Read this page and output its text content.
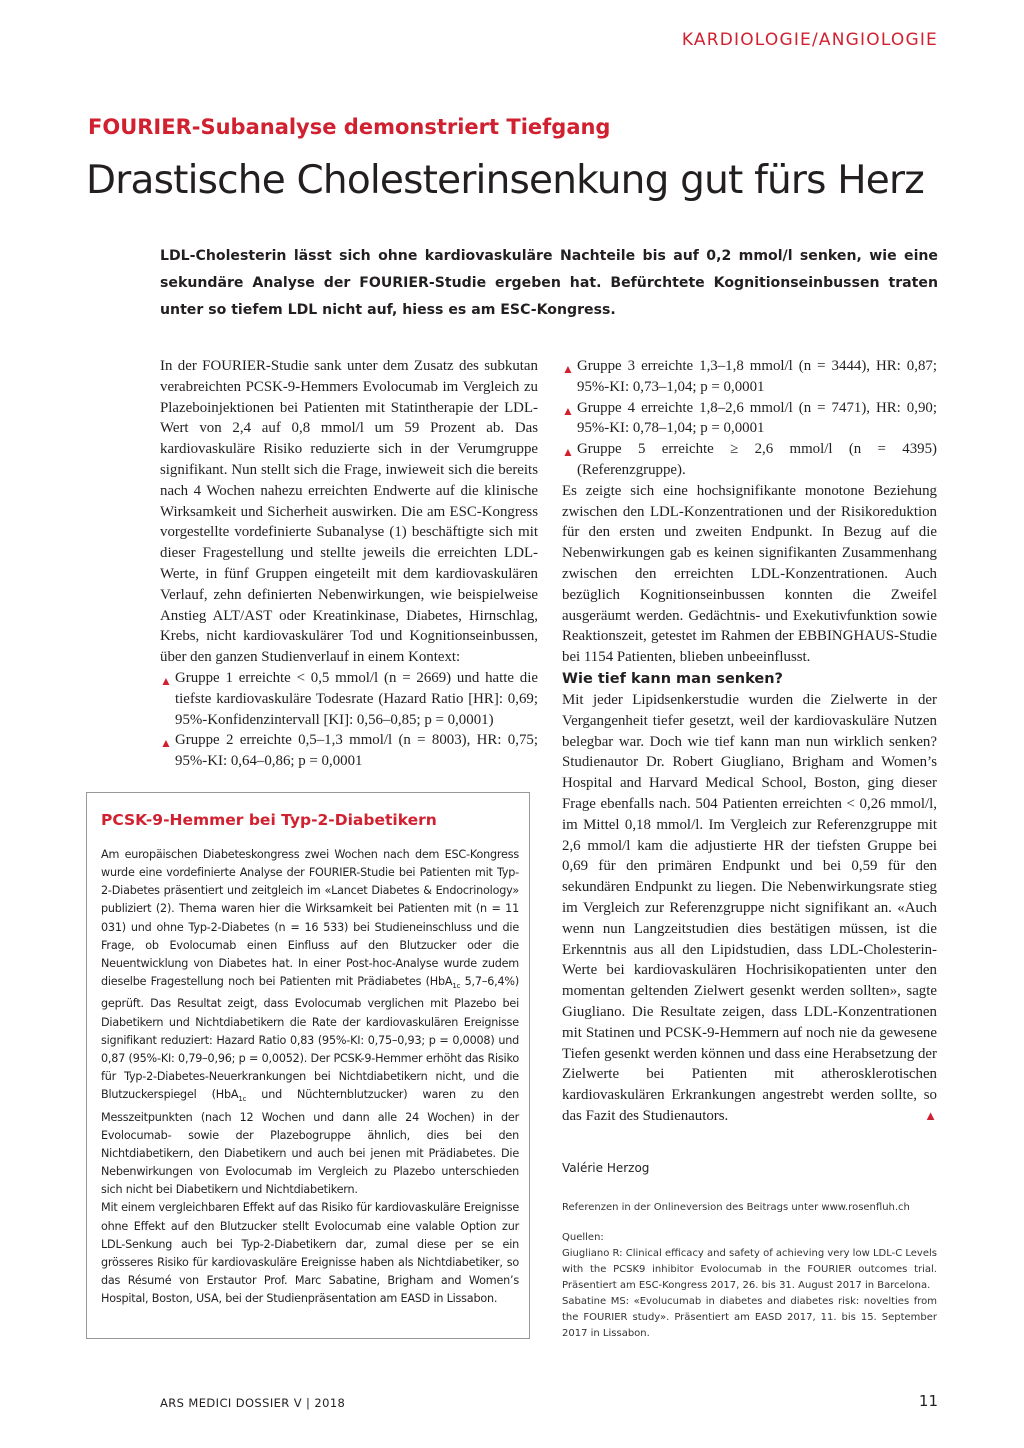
KARDIOLOGIE/ANGIOLOGIE
FOURIER-Subanalyse demonstriert Tiefgang
Drastische Cholesterinsenkung gut fürs Herz

LDL-Cholesterin lässt sich ohne kardiovaskuläre Nachteile bis auf 0,2 mmol/l senken, wie eine sekundäre Analyse der FOURIER-Studie ergeben hat. Befürchtete Kognitionseinbussen traten unter so tiefem LDL nicht auf, hiess es am ESC-Kongress.

In der FOURIER-Studie sank unter dem Zusatz des subkutan verabreichten PCSK-9-Hemmers Evolocumab im Vergleich zu Plazeboinjektionen bei Patienten mit Statintherapie der LDL-Wert von 2,4 auf 0,8 mmol/l um 59 Prozent ab. Das kardiovaskuläre Risiko reduzierte sich in der Verumgruppe signifikant. Nun stellt sich die Frage, inwieweit sich die bereits nach 4 Wochen nahezu erreichten Endwerte auf die klinische Wirksamkeit und Sicherheit auswirken. Die am ESC-Kongress vorgestellte vordefinierte Subanalyse (1) beschäftigte sich mit dieser Fragestellung und stellte jeweils die erreichten LDL-Werte, in fünf Gruppen eingeteilt mit dem kardiovaskulären Verlauf, zehn definierten Nebenwirkungen, wie beispielweise Anstieg ALT/AST oder Kreatinkinase, Diabetes, Hirnschlag, Krebs, nicht kardiovaskulärer Tod und Kognitionseinbussen, über den ganzen Studienverlauf in einem Kontext:

▲ Gruppe 1 erreichte < 0,5 mmol/l (n = 2669) und hatte die tiefste kardiovaskuläre Todesrate (Hazard Ratio [HR]: 0,69; 95%-Konfidenzintervall [KI]: 0,56–0,85; p = 0,0001)
▲ Gruppe 2 erreichte 0,5–1,3 mmol/l (n = 8003), HR: 0,75; 95%-KI: 0,64–0,86; p = 0,0001
▲ Gruppe 3 erreichte 1,3–1,8 mmol/l (n = 3444), HR: 0,87; 95%-KI: 0,73–1,04; p = 0,0001
▲ Gruppe 4 erreichte 1,8–2,6 mmol/l (n = 7471), HR: 0,90; 95%-KI: 0,78–1,04; p = 0,0001
▲ Gruppe 5 erreichte ≥ 2,6 mmol/l (n = 4395) (Referenzgruppe).

Es zeigte sich eine hochsignifikante monotone Beziehung zwischen den LDL-Konzentrationen und der Risikoreduktion für den ersten und zweiten Endpunkt. In Bezug auf die Nebenwirkungen gab es keinen signifikanten Zusammenhang zwischen den erreichten LDL-Konzentrationen. Auch bezüglich Kognitionseinbussen konnten die Zweifel ausgeräumt werden. Gedächtnis- und Exekutivfunktion sowie Reaktionszeit, getestet im Rahmen der EBBINGHAUS-Studie bei 1154 Patienten, blieben unbeeinflusst.

Wie tief kann man senken?

Mit jeder Lipidsenkerstudie wurden die Zielwerte in der Vergangenheit tiefer gesetzt, weil der kardiovaskuläre Nutzen belegbar war. Doch wie tief kann man nun wirklich senken? Studienautor Dr. Robert Giugliano, Brigham and Women’s Hospital and Harvard Medical School, Boston, ging dieser Frage ebenfalls nach. 504 Patienten erreichten < 0,26 mmol/l, im Mittel 0,18 mmol/l. Im Vergleich zur Referenzgruppe mit 2,6 mmol/l kam die adjustierte HR der tiefsten Gruppe bei 0,69 für den primären Endpunkt und bei 0,59 für den sekundären Endpunkt zu liegen. Die Nebenwirkungsrate stieg im Vergleich zur Referenzgruppe nicht signifikant an. «Auch wenn nun Langzeitstudien dies bestätigen müssen, ist die Erkenntnis aus all den Lipidstudien, dass LDL-Cholesterin-Werte bei kardiovaskulären Hochrisikopatienten unter den momentan geltenden Zielwert gesenkt werden sollten», sagte Giugliano. Die Resultate zeigen, dass LDL-Konzentrationen mit Statinen und PCSK-9-Hemmern auf noch nie da gewesene Tiefen gesenkt werden können und dass eine Herabsetzung der Zielwerte bei Patienten mit atherosklerotischen kardiovaskulären Erkrankungen angestrebt werden sollte, so das Fazit des Studienautors.	▲

PCSK-9-Hemmer bei Typ-2-Diabetikern

Am europäischen Diabeteskongress zwei Wochen nach dem ESC-Kongress wurde eine vordefinierte Analyse der FOURIER-Studie bei Patienten mit Typ-2-Diabetes präsentiert und zeitgleich im «Lancet Diabetes & Endocrinology» publiziert (2). Thema waren hier die Wirksamkeit bei Patienten mit (n = 11 031) und ohne Typ-2-Diabetes (n = 16 533) bei Studieneinschluss und die Frage, ob Evolocumab einen Einfluss auf den Blutzucker oder die Neuentwicklung von Diabetes hat. In einer Post-hoc-Analyse wurde zudem dieselbe Fragestellung noch bei Patienten mit Prädiabetes (HbA$_{1c}$ 5,7–6,4%) geprüft. Das Resultat zeigt, dass Evolocumab verglichen mit Plazebo bei Diabetikern und Nichtdiabetikern die Rate der kardiovaskulären Ereignisse signifikant reduziert: Hazard Ratio 0,83 (95%-KI: 0,75–0,93; p = 0,0008) und 0,87 (95%-KI: 0,79–0,96; p = 0,0052). Der PCSK-9-Hemmer erhöht das Risiko für Typ-2-Diabetes-Neuerkrankungen bei Nichtdiabetikern nicht, und die Blutzuckerspiegel (HbA$_{1c}$ und Nüchternblutzucker) waren zu den Messzeitpunkten (nach 12 Wochen und dann alle 24 Wochen) in der Evolocumab- sowie der Plazebogruppe ähnlich, dies bei den Nichtdiabetikern, den Diabetikern und auch bei jenen mit Prädiabetes. Die Nebenwirkungen von Evolocumab im Vergleich zu Plazebo unterschieden sich nicht bei Diabetikern und Nichtdiabetikern.

Mit einem vergleichbaren Effekt auf das Risiko für kardiovaskuläre Ereignisse ohne Effekt auf den Blutzucker stellt Evolocumab eine valable Option zur LDL-Senkung auch bei Typ-2-Diabetikern dar, zumal diese per se ein grösseres Risiko für kardiovaskuläre Ereignisse haben als Nichtdiabetiker, so das Résumé von Erstautor Prof. Marc Sabatine, Brigham and Women’s Hospital, Boston, USA, bei der Studienpräsentation am EASD in Lissabon.

Valérie Herzog

Referenzen in der Onlineversion des Beitrags unter www.rosenfluh.ch

Quellen:

Giugliano R: Clinical efficacy and safety of achieving very low LDL-C Levels with the PCSK9 inhibitor Evolocumab in the FOURIER outcomes trial. Präsentiert am ESC-Kongress 2017, 26. bis 31. August 2017 in Barcelona.

Sabatine MS: «Evolucumab in diabetes and diabetes risk: novelties from the FOURIER study». Präsentiert am EASD 2017, 11. bis 15. September 2017 in Lissabon.

ARS MEDICI DOSSIER V | 2018	11
